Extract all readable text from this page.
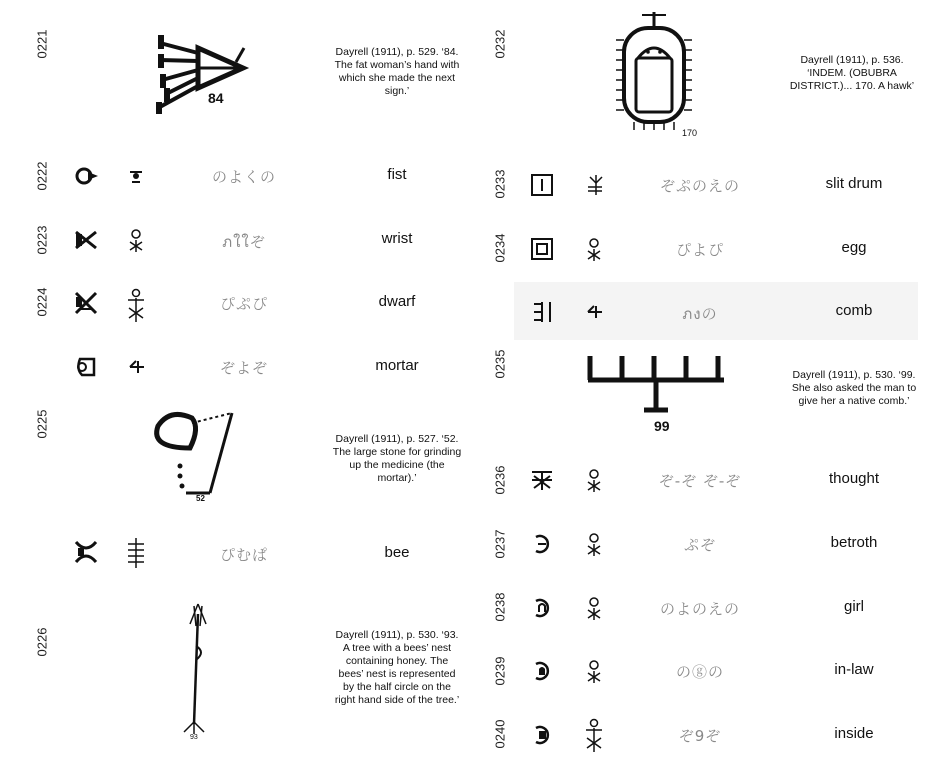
0221
84
Dayrell (1911), p. 529. ‘84. The fat woman’s hand with which she made the next sign.’
0222	のよくの	fist
0223	ภใใぞ	wrist
0224	ぴぷぴ	dwarf
ぞよぞ	mortar
0225
52
Dayrell (1911), p. 527. ‘52. The large stone for grinding up the medicine (the mortar).’
ぴむぱ	bee
0226
93
Dayrell (1911), p. 530. ‘93. A tree with a bees’ nest containing honey. The bees’ nest is represented by the half circle on the right hand side of the tree.’
0232
170
Dayrell (1911), p. 536. ‘INDEM. (OBUBRA DISTRICT.)... 170. A hawk’
0233	ぞぷのえの	slit drum
0234	ぴよぴ	egg
ภงの	comb
0235
99
Dayrell (1911), p. 530. ‘99. She also asked the man to give her a native comb.’
0236	ぞ-ぞ ぞ-ぞ	thought
0237	ぷぞ	betroth
0238	のよのえの	girl
0239	のⓖの	in-law
0240	ぞ9ぞ	inside
